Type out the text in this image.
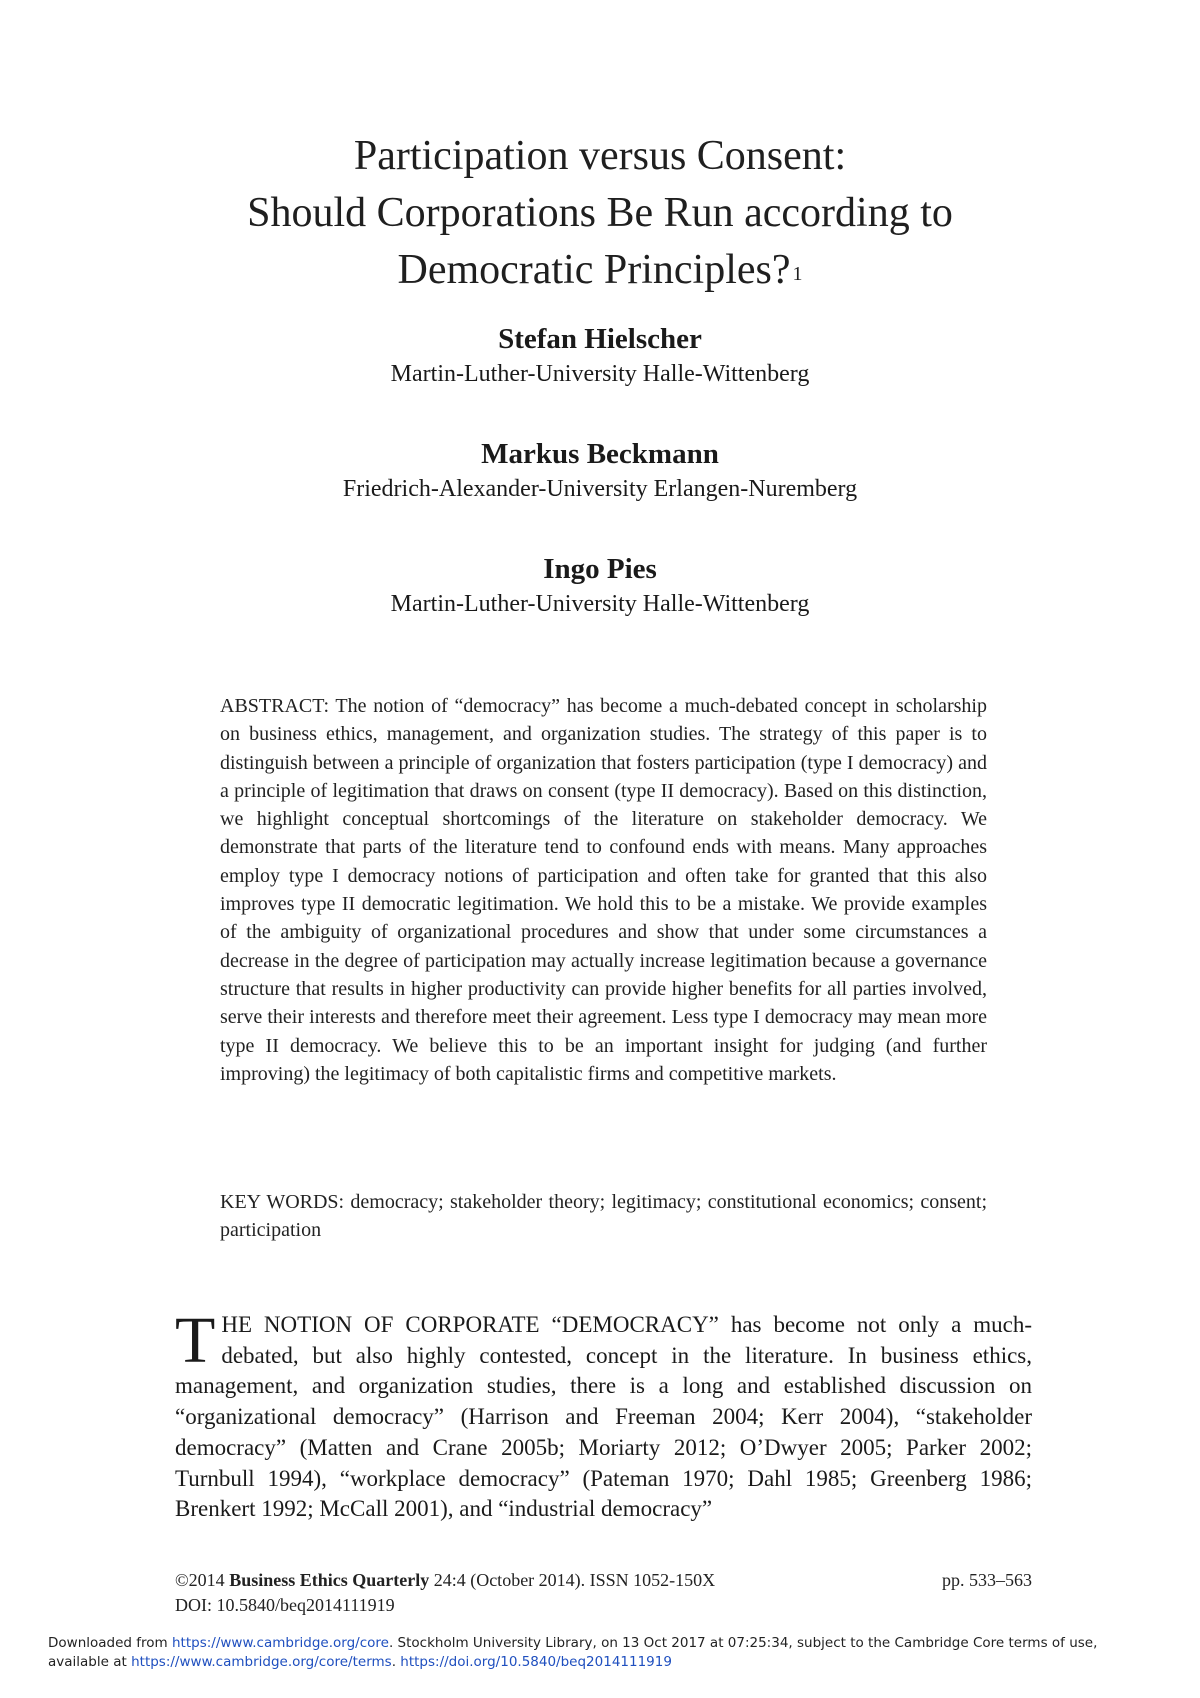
Participation versus Consent:
Should Corporations Be Run according to
Democratic Principles? $^1$
Stefan Hielscher
Martin-Luther-University Halle-Wittenberg
Markus Beckmann
Friedrich-Alexander-University Erlangen-Nuremberg
Ingo Pies
Martin-Luther-University Halle-Wittenberg
ABSTRACT: The notion of “democracy” has become a much-debated concept in scholarship on business ethics, management, and organization studies. The strategy of this paper is to distinguish between a principle of organization that fosters participation (type I democracy) and a principle of legitimation that draws on consent (type II democracy). Based on this distinction, we highlight conceptual shortcomings of the literature on stakeholder democracy. We demonstrate that parts of the literature tend to confound ends with means. Many approaches employ type I democracy notions of participation and often take for granted that this also improves type II democratic legitimation. We hold this to be a mistake. We provide examples of the ambiguity of organizational procedures and show that under some circumstances a decrease in the degree of participation may actually increase legitimation because a governance structure that results in higher productivity can provide higher benefits for all parties involved, serve their interests and therefore meet their agreement. Less type I democracy may mean more type II democracy. We believe this to be an important insight for judging (and further improving) the legitimacy of both capitalistic firms and competitive markets.
KEY WORDS: democracy; stakeholder theory; legitimacy; constitutional economics; consent; participation
THE NOTION OF CORPORATE “DEMOCRACY” has become not only a much-debated, but also highly contested, concept in the literature. In business ethics, management, and organization studies, there is a long and established discussion on “organizational democracy” (Harrison and Freeman 2004; Kerr 2004), “stakeholder democracy” (Matten and Crane 2005b; Moriarty 2012; O’Dwyer 2005; Parker 2002; Turnbull 1994), “workplace democracy” (Pateman 1970; Dahl 1985; Greenberg 1986; Brenkert 1992; McCall 2001), and “industrial democracy”
©2014 Business Ethics Quarterly 24:4 (October 2014). ISSN 1052-150X	pp. 533–563
DOI: 10.5840/beq2014111919
Downloaded from https://www.cambridge.org/core. Stockholm University Library, on 13 Oct 2017 at 07:25:34, subject to the Cambridge Core terms of use, available at https://www.cambridge.org/core/terms. https://doi.org/10.5840/beq2014111919
